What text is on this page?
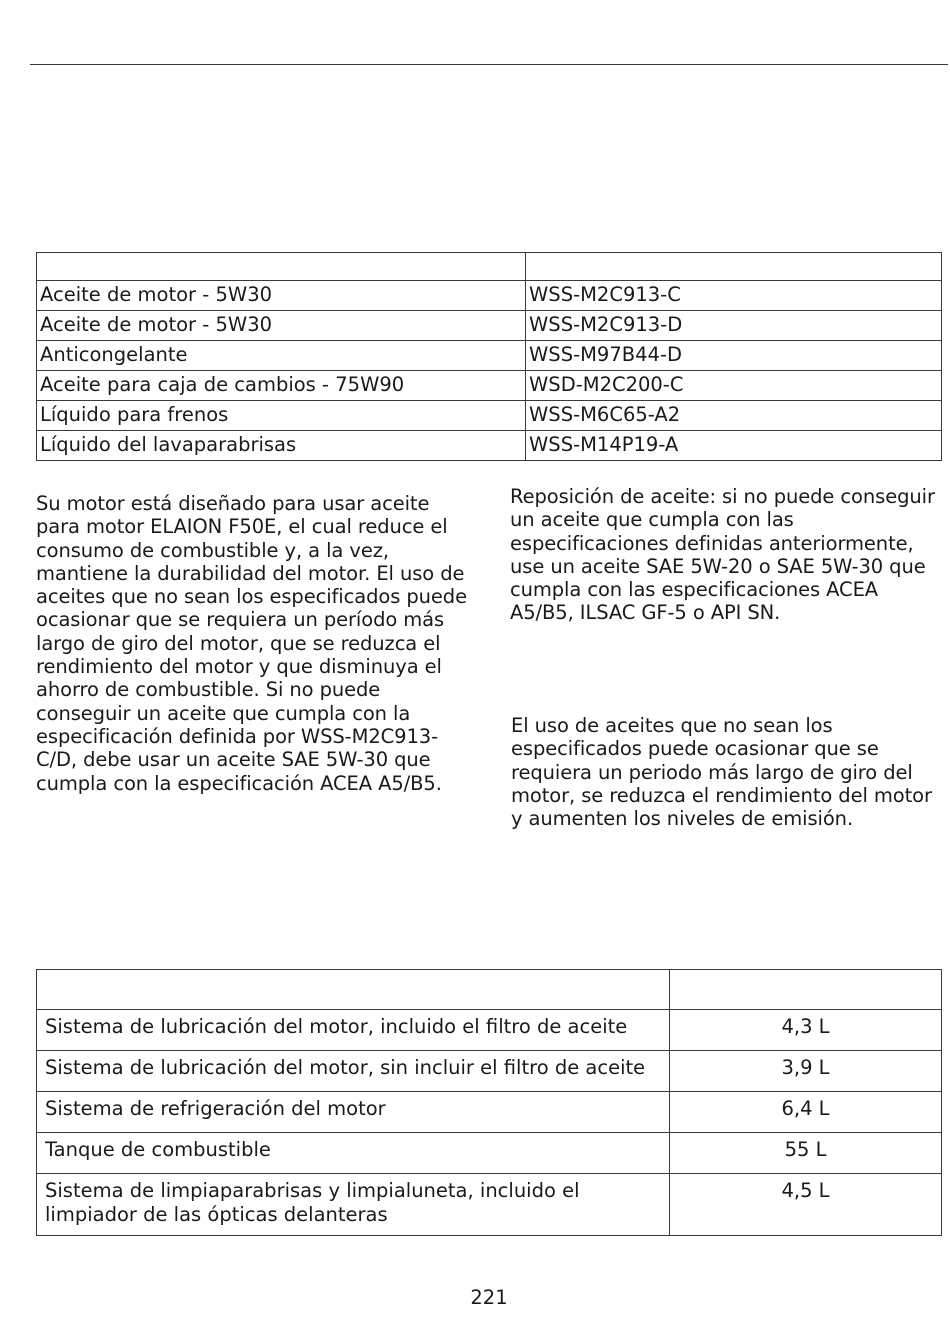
Aceite de motor - 5W30	WSS-M2C913-C
Aceite de motor - 5W30	WSS-M2C913-D
Anticongelante	WSS-M97B44-D
Aceite para caja de cambios - 75W90	WSD-M2C200-C
Líquido para frenos	WSS-M6C65-A2
Líquido del lavaparabrisas	WSS-M14P19-A

Su motor está diseñado para usar aceite para motor ELAION F50E, el cual reduce el consumo de combustible y, a la vez, mantiene la durabilidad del motor. El uso de aceites que no sean los especificados puede ocasionar que se requiera un período más largo de giro del motor, que se reduzca el rendimiento del motor y que disminuya el ahorro de combustible. Si no puede conseguir un aceite que cumpla con la especificación definida por WSS-M2C913-C/D, debe usar un aceite SAE 5W-30 que cumpla con la especificación ACEA A5/B5.

Reposición de aceite: si no puede conseguir un aceite que cumpla con las especificaciones definidas anteriormente, use un aceite SAE 5W-20 o SAE 5W-30 que cumpla con las especificaciones ACEA A5/B5, ILSAC GF-5 o API SN.

El uso de aceites que no sean los especificados puede ocasionar que se requiera un periodo más largo de giro del motor, se reduzca el rendimiento del motor y aumenten los niveles de emisión.

Sistema de lubricación del motor, incluido el filtro de aceite	4,3 L
Sistema de lubricación del motor, sin incluir el filtro de aceite	3,9 L
Sistema de refrigeración del motor	6,4 L
Tanque de combustible	55 L
Sistema de limpiaparabrisas y limpialuneta, incluido el limpiador de las ópticas delanteras	4,5 L
221
